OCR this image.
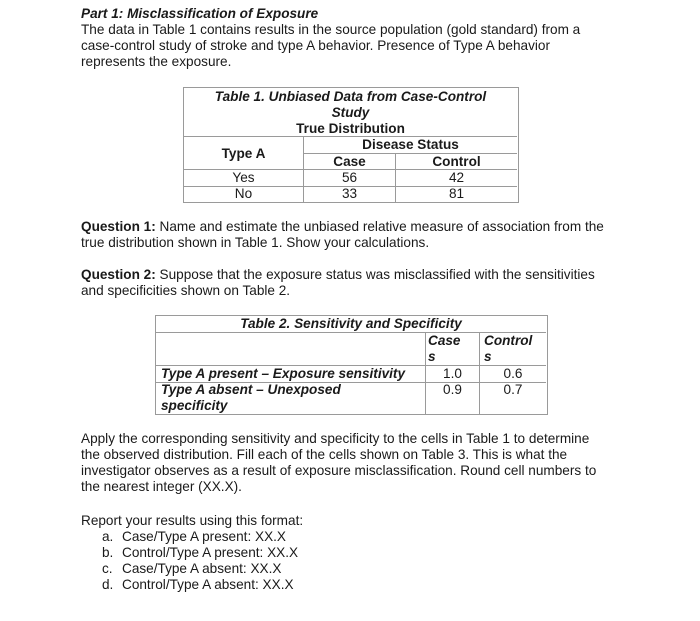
Part 1: Misclassification of Exposure
The data in Table 1 contains results in the source population (gold standard) from a
case-control study of stroke and type A behavior. Presence of Type A behavior
represents the exposure.
Table 1. Unbiased Data from Case-Control
Study
True Distribution
Type A
Disease Status
Case	Control
Yes	56	42
No	33	81
Question 1: Name and estimate the unbiased relative measure of association from the
true distribution shown in Table 1. Show your calculations.
Question 2: Suppose that the exposure status was misclassified with the sensitivities
and specificities shown on Table 2.
Table 2. Sensitivity and Specificity
Case
s
Control
s
Type A present – Exposure sensitivity	1.0	0.6
Type A absent – Unexposed
specificity
0.9	0.7
Apply the corresponding sensitivity and specificity to the cells in Table 1 to determine
the observed distribution. Fill each of the cells shown on Table 3. This is what the
investigator observes as a result of exposure misclassification. Round cell numbers to
the nearest integer (XX.X).
Report your results using this format:
a. Case/Type A present: XX.X
b. Control/Type A present: XX.X
c. Case/Type A absent: XX.X
d. Control/Type A absent: XX.X
